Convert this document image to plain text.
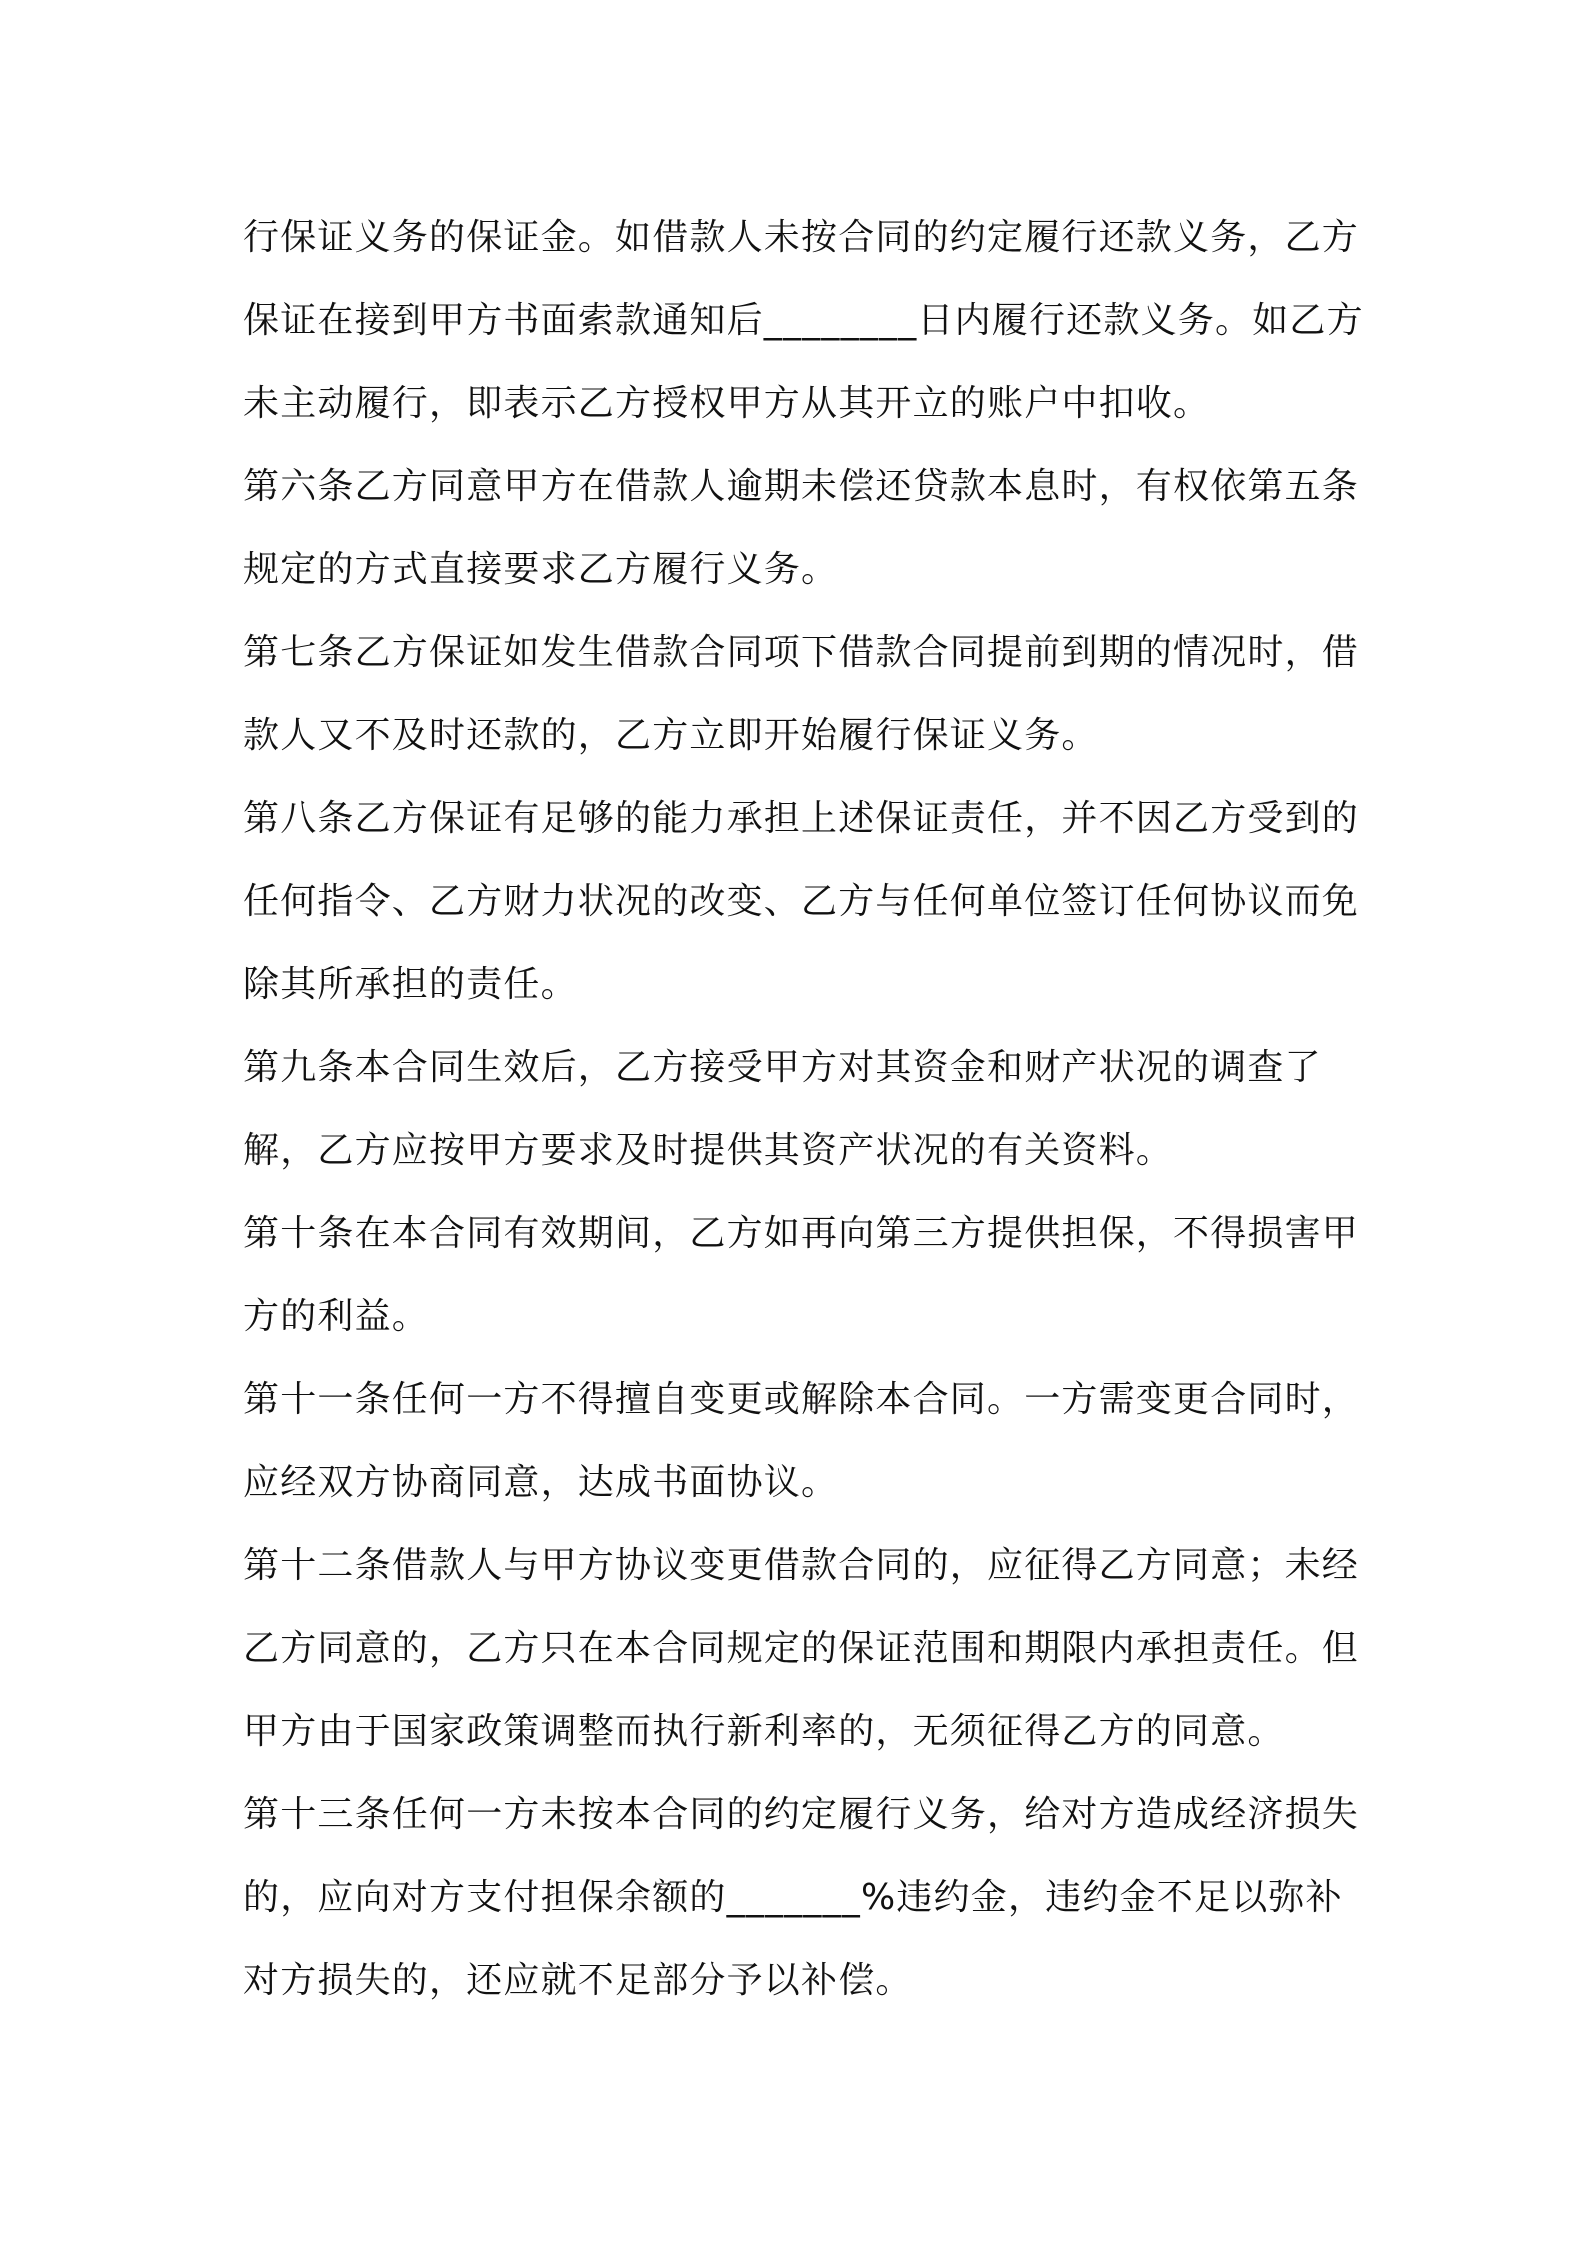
行保证义务的保证金。如借款人未按合同的约定履行还款义务，乙方保证在接到甲方书面索款通知后________日内履行还款义务。如乙方未主动履行，即表示乙方授权甲方从其开立的账户中扣收。

第六条乙方同意甲方在借款人逾期未偿还贷款本息时，有权依第五条规定的方式直接要求乙方履行义务。

第七条乙方保证如发生借款合同项下借款合同提前到期的情况时，借款人又不及时还款的，乙方立即开始履行保证义务。

第八条乙方保证有足够的能力承担上述保证责任，并不因乙方受到的任何指令、乙方财力状况的改变、乙方与任何单位签订任何协议而免除其所承担的责任。

第九条本合同生效后，乙方接受甲方对其资金和财产状况的调查了解，乙方应按甲方要求及时提供其资产状况的有关资料。

第十条在本合同有效期间，乙方如再向第三方提供担保，不得损害甲方的利益。

第十一条任何一方不得擅自变更或解除本合同。一方需变更合同时，应经双方协商同意，达成书面协议。

第十二条借款人与甲方协议变更借款合同的，应征得乙方同意；未经乙方同意的，乙方只在本合同规定的保证范围和期限内承担责任。但甲方由于国家政策调整而执行新利率的，无须征得乙方的同意。

第十三条任何一方未按本合同的约定履行义务，给对方造成经济损失的，应向对方支付担保余额的_______%违约金，违约金不足以弥补对方损失的，还应就不足部分予以补偿。
